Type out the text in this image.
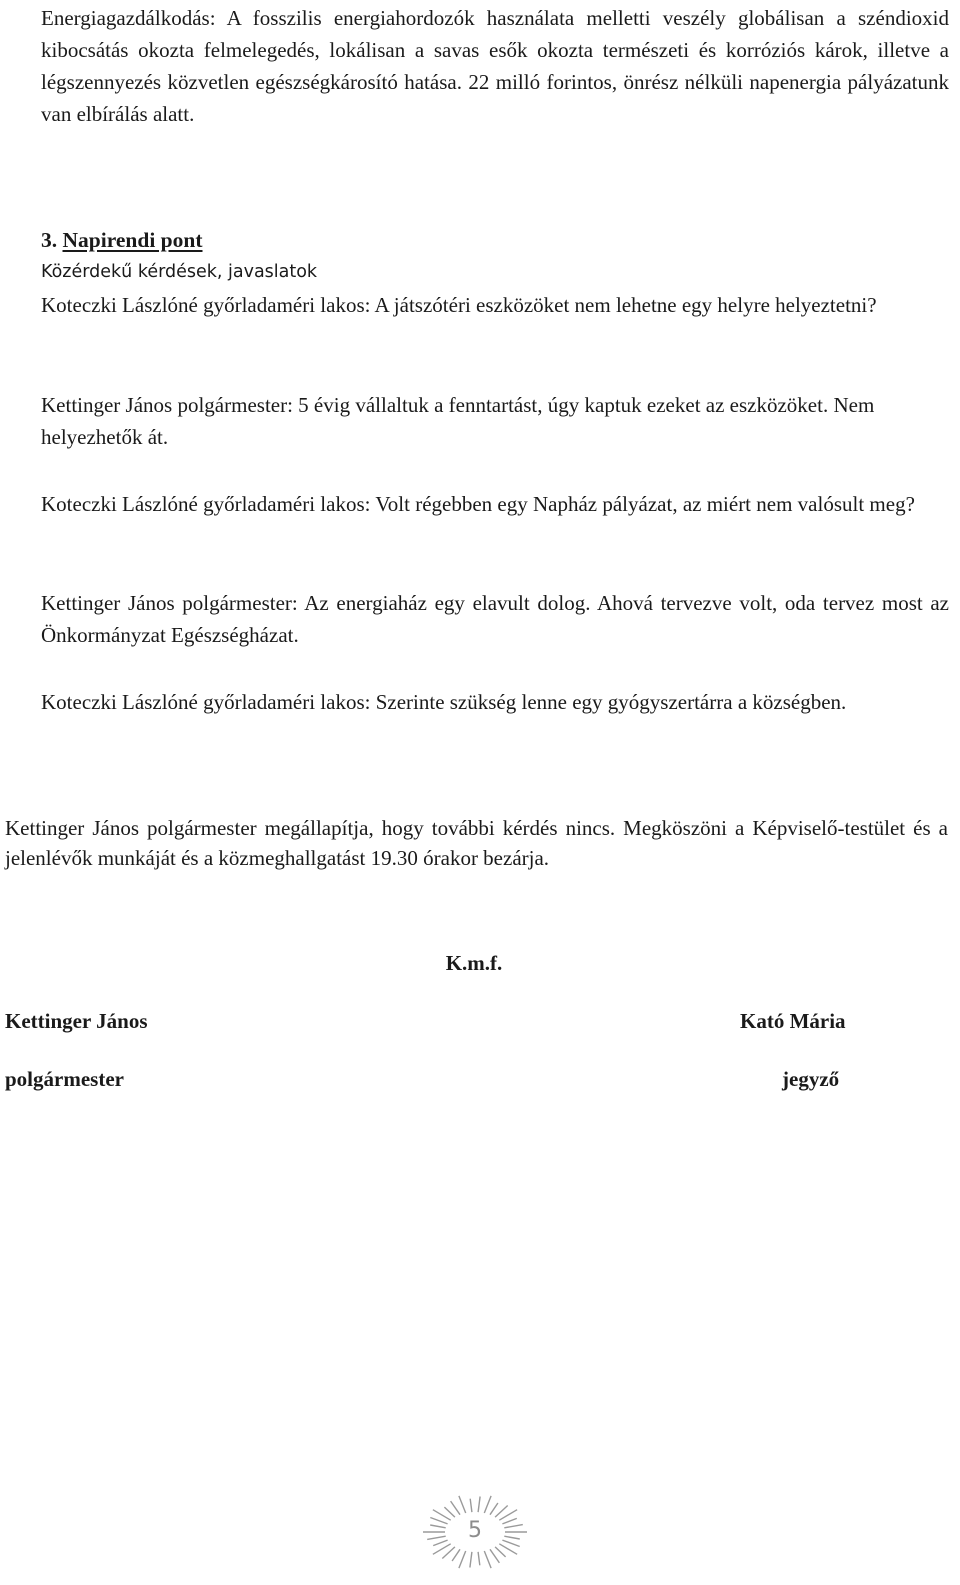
Energiagazdálkodás: A fosszilis energiahordozók használata melletti veszély globálisan a széndioxid kibocsátás okozta felmelegedés, lokálisan a savas esők okozta természeti és korróziós károk, illetve a légszennyezés közvetlen egészségkárosító hatása. 22 milló forintos, önrész nélküli napenergia pályázatunk van elbírálás alatt.

3. Napirendi pont

Közérdekű kérdések, javaslatok

Koteczki Lászlóné győrladaméri lakos: A játszótéri eszközöket nem lehetne egy helyre helyeztetni?

Kettinger János polgármester: 5 évig vállaltuk a fenntartást, úgy kaptuk ezeket az eszközöket. Nem helyezhetők át.

Koteczki Lászlóné győrladaméri lakos: Volt régebben egy Napház pályázat, az miért nem valósult meg?

Kettinger János polgármester: Az energiaház egy elavult dolog. Ahová tervezve volt, oda tervez most az Önkormányzat Egészségházat.

Koteczki Lászlóné győrladaméri lakos: Szerinte szükség lenne egy gyógyszertárra a községben.

Kettinger János polgármester megállapítja, hogy további kérdés nincs. Megköszöni a Képviselő-testület és a jelenlévők munkáját és a közmeghallgatást 19.30 órakor bezárja.

K.m.f.

Kettinger János

polgármester

Kató Mária

jegyző

5
